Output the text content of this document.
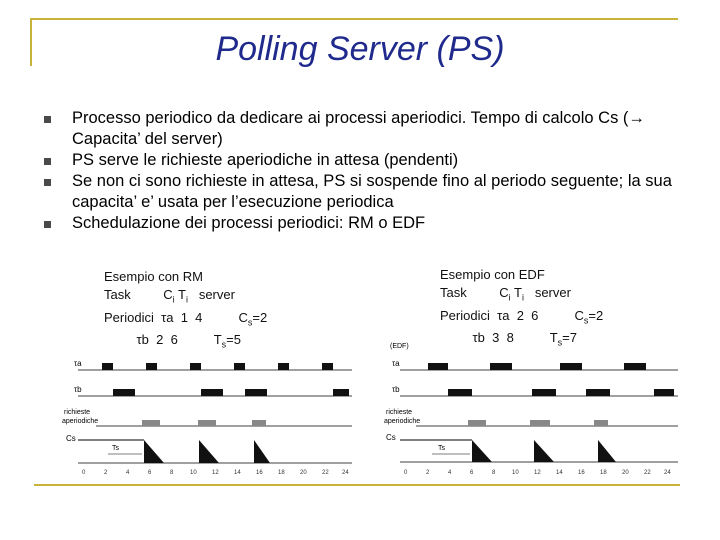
Polling Server (PS)
Processo periodico da dedicare ai processi aperiodici. Tempo di calcolo Cs (→ Capacita’ del server)
PS serve le richieste aperiodiche in attesa (pendenti)
Se non ci sono richieste in attesa, PS si sospende fino al periodo seguente; la sua capacita’ e’ usata per l’esecuzione periodica
Schedulazione dei processi periodici: RM o EDF
Esempio con RM
Task	$C_i$ $T_i$ server
Periodici τa 1  4	$C_s=2$
τb 2  6	$T_s=5$
Esempio con EDF
Task	$C_i$ $T_i$ server
Periodici τa 2  6	$C_s=2$
τb 3  8	$T_s=7$
τa
τb
richieste
aperiodiche
Cs
Ts
0	2	4	6	8	10	12	14	16	18	20	22 24
(EDF)
τa
τb
richieste
aperiodiche
Cs
Ts
0	2	4	6	8	10	12	14	16	18	20	22 24
